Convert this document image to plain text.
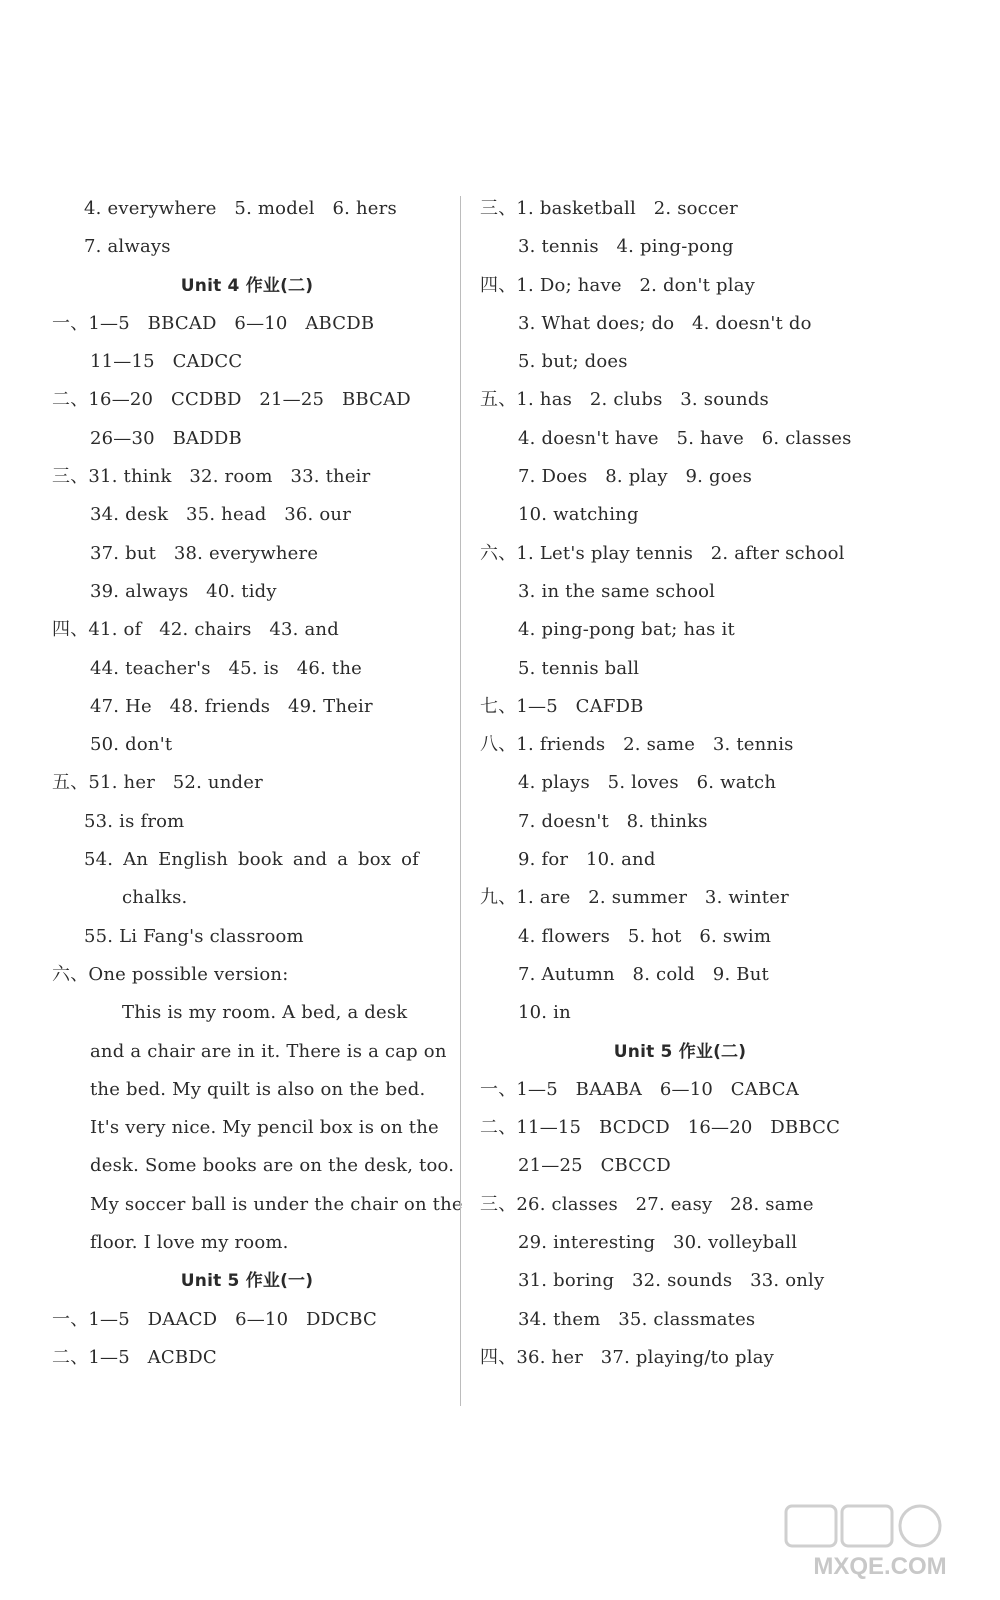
4. everywhere   5. model   6. hers
7. always
Unit 4 作业(二)
一、1—5   BBCAD   6—10   ABCDB
11—15   CADCC
二、16—20   CCDBD   21—25   BBCAD
26—30   BADDB
三、31. think   32. room   33. their
34. desk   35. head   36. our
37. but   38. everywhere
39. always   40. tidy
四、41. of   42. chairs   43. and
44. teacher's   45. is   46. the
47. He   48. friends   49. Their
50. don't
五、51. her   52. under
53. is from
54. An English book and a box of
chalks.
55. Li Fang's classroom
六、One possible version:
This is my room. A bed, a desk
and a chair are in it. There is a cap on
the bed. My quilt is also on the bed.
It's very nice. My pencil box is on the
desk. Some books are on the desk, too.
My soccer ball is under the chair on the
floor. I love my room.
Unit 5 作业(一)
一、1—5   DAACD   6—10   DDCBC
二、1—5   ACBDC
三、1. basketball   2. soccer
3. tennis   4. ping-pong
四、1. Do; have   2. don't play
3. What does; do   4. doesn't do
5. but; does
五、1. has   2. clubs   3. sounds
4. doesn't have   5. have   6. classes
7. Does   8. play   9. goes
10. watching
六、1. Let's play tennis   2. after school
3. in the same school
4. ping-pong bat; has it
5. tennis ball
七、1—5   CAFDB
八、1. friends   2. same   3. tennis
4. plays   5. loves   6. watch
7. doesn't   8. thinks
9. for   10. and
九、1. are   2. summer   3. winter
4. flowers   5. hot   6. swim
7. Autumn   8. cold   9. But
10. in
Unit 5 作业(二)
一、1—5   BAABA   6—10   CABCA
二、11—15   BCDCD   16—20   DBBCC
21—25   CBCCD
三、26. classes   27. easy   28. same
29. interesting   30. volleyball
31. boring   32. sounds   33. only
34. them   35. classmates
四、36. her   37. playing/to play
MXQE.COM
